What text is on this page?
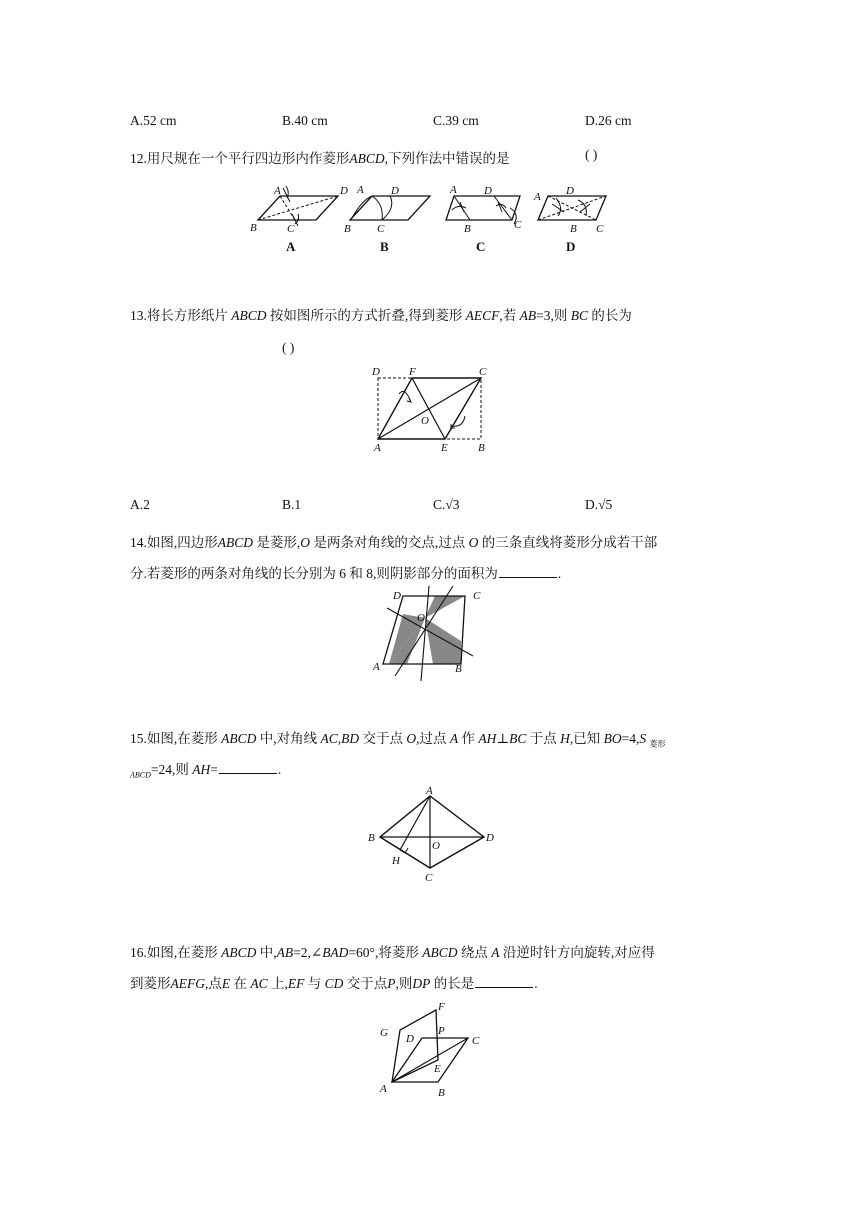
A.52 cm	B.40 cm	C.39 cm	D.26 cm
12.用尺规在一个平行四边形内作菱形ABCD,下列作法中错误的是	( )
A	D
B	C
A
A D
B C
B
A D
B	C
C
A D
B C
D
13.将长方形纸片 ABCD 按如图所示的方式折叠,得到菱形 AECF,若 AB=3,则 BC 的长为
( )
D	F	C
O
A	E	B
A.2	B.1	C.√3	D.√5
14.如图,四边形ABCD 是菱形,O 是两条对角线的交点,过点 O 的三条直线将菱形分成若干部
分.若菱形的两条对角线的长分别为 6 和 8,则阴影部分的面积为	.
D	C
O
A	B
15.如图,在菱形 ABCD 中,对角线 AC,BD 交于点 O,过点 A 作 AH⊥BC 于点 H,已知 BO=4,S $_{菱形}$
$_{ABCD}$=24,则 AH=	.
A
B	D
O
H
C
16.如图,在菱形 ABCD 中,AB=2,∠BAD=60°,将菱形 ABCD 绕点 A 沿逆时针方向旋转,对应得
到菱形AEFG,点E 在 AC 上,EF 与 CD 交于点P,则DP 的长是	.
F
G D
P
C
E
A	B
